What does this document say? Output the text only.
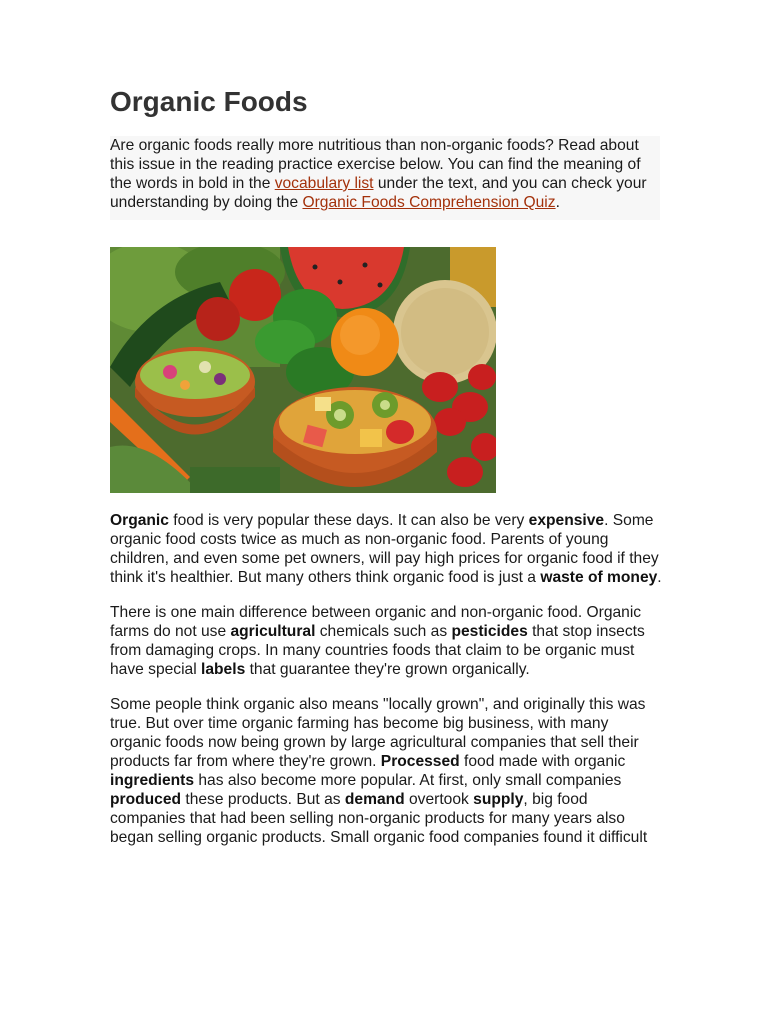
Organic Foods

Are organic foods really more nutritious than non-organic foods? Read about this issue in the reading practice exercise below. You can find the meaning of the words in bold in the vocabulary list under the text, and you can check your understanding by doing the Organic Foods Comprehension Quiz.

Organic food is very popular these days. It can also be very expensive. Some organic food costs twice as much as non-organic food. Parents of young children, and even some pet owners, will pay high prices for organic food if they think it's healthier. But many others think organic food is just a waste of money.

There is one main difference between organic and non-organic food. Organic farms do not use agricultural chemicals such as pesticides that stop insects from damaging crops. In many countries foods that claim to be organic must have special labels that guarantee they're grown organically.

Some people think organic also means "locally grown", and originally this was true. But over time organic farming has become big business, with many organic foods now being grown by large agricultural companies that sell their products far from where they're grown. Processed food made with organic ingredients has also become more popular. At first, only small companies produced these products. But as demand overtook supply, big food companies that had been selling non-organic products for many years also began selling organic products. Small organic food companies found it difficult
